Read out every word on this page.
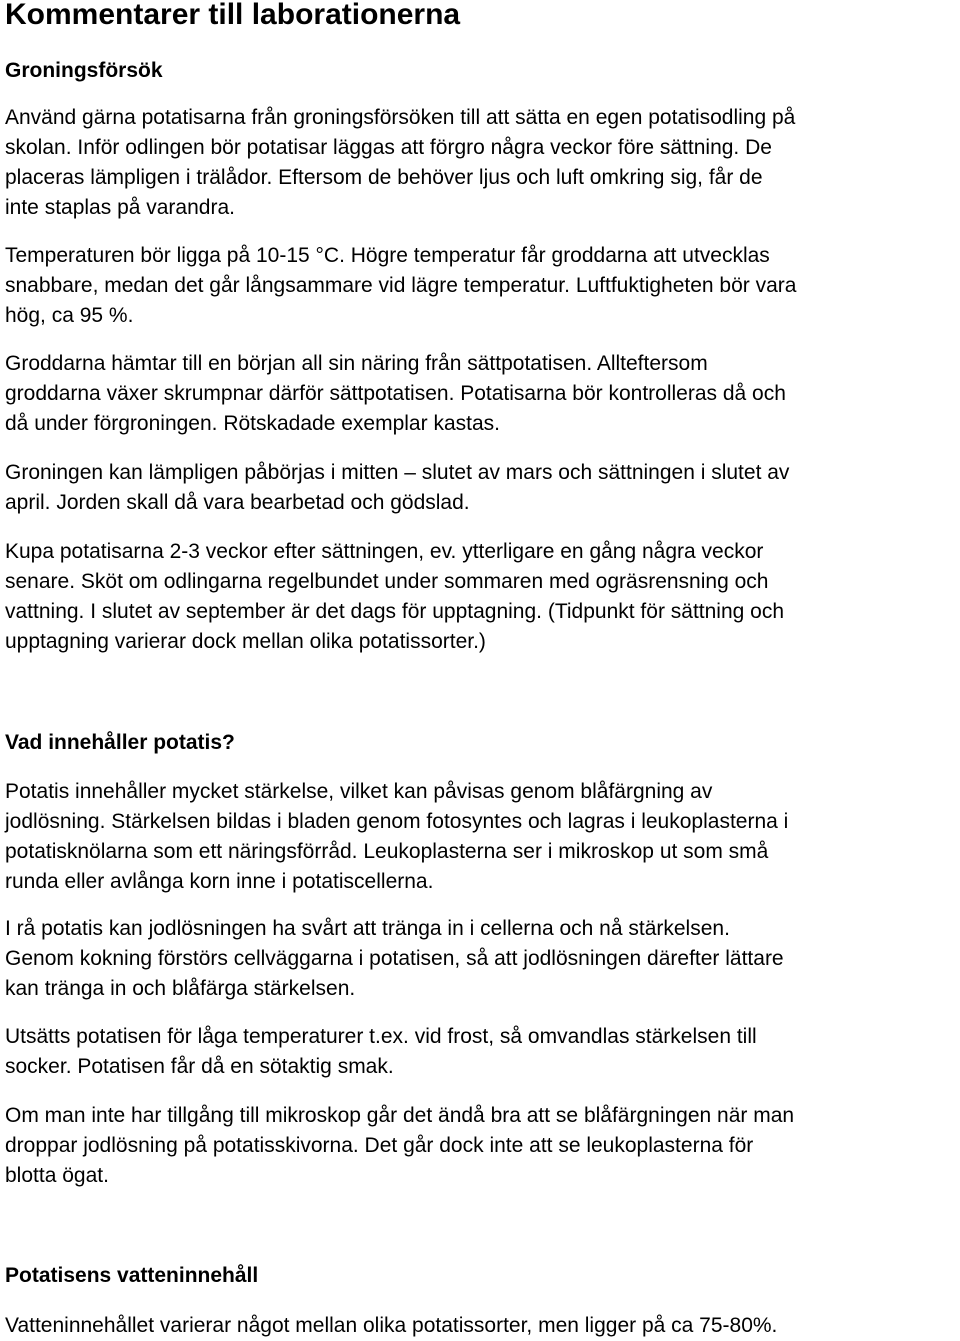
Kommentarer till laborationerna
Groningsförsök

Använd gärna potatisarna från groningsförsöken till att sätta en egen potatisodling på
skolan. Inför odlingen bör potatisar läggas att förgro några veckor före sättning. De
placeras lämpligen i trälådor. Eftersom de behöver ljus och luft omkring sig, får de
inte staplas på varandra.

Temperaturen bör ligga på 10-15 °C. Högre temperatur får groddarna att utvecklas
snabbare, medan det går långsammare vid lägre temperatur. Luftfuktigheten bör vara
hög, ca 95 %.

Groddarna hämtar till en början all sin näring från sättpotatisen. Allteftersom
groddarna växer skrumpnar därför sättpotatisen. Potatisarna bör kontrolleras då och
då under förgroningen. Rötskadade exemplar kastas.

Groningen kan lämpligen påbörjas i mitten – slutet av mars och sättningen i slutet av
april. Jorden skall då vara bearbetad och gödslad.

Kupa potatisarna 2-3 veckor efter sättningen, ev. ytterligare en gång några veckor
senare. Sköt om odlingarna regelbundet under sommaren med ogräsrensning och
vattning. I slutet av september är det dags för upptagning. (Tidpunkt för sättning och
upptagning varierar dock mellan olika potatissorter.)

Vad innehåller potatis?

Potatis innehåller mycket stärkelse, vilket kan påvisas genom blåfärgning av
jodlösning. Stärkelsen bildas i bladen genom fotosyntes och lagras i leukoplasterna i
potatisknölarna som ett näringsförråd. Leukoplasterna ser i mikroskop ut som små
runda eller avlånga korn inne i potatiscellerna.

I rå potatis kan jodlösningen ha svårt att tränga in i cellerna och nå stärkelsen.
Genom kokning förstörs cellväggarna i potatisen, så att jodlösningen därefter lättare
kan tränga in och blåfärga stärkelsen.

Utsätts potatisen för låga temperaturer t.ex. vid frost, så omvandlas stärkelsen till
socker. Potatisen får då en sötaktig smak.

Om man inte har tillgång till mikroskop går det ändå bra att se blåfärgningen när man
droppar jodlösning på potatisskivorna. Det går dock inte att se leukoplasterna för
blotta ögat.

Potatisens vatteninnehåll

Vatteninnehållet varierar något mellan olika potatissorter, men ligger på ca 75-80%.
